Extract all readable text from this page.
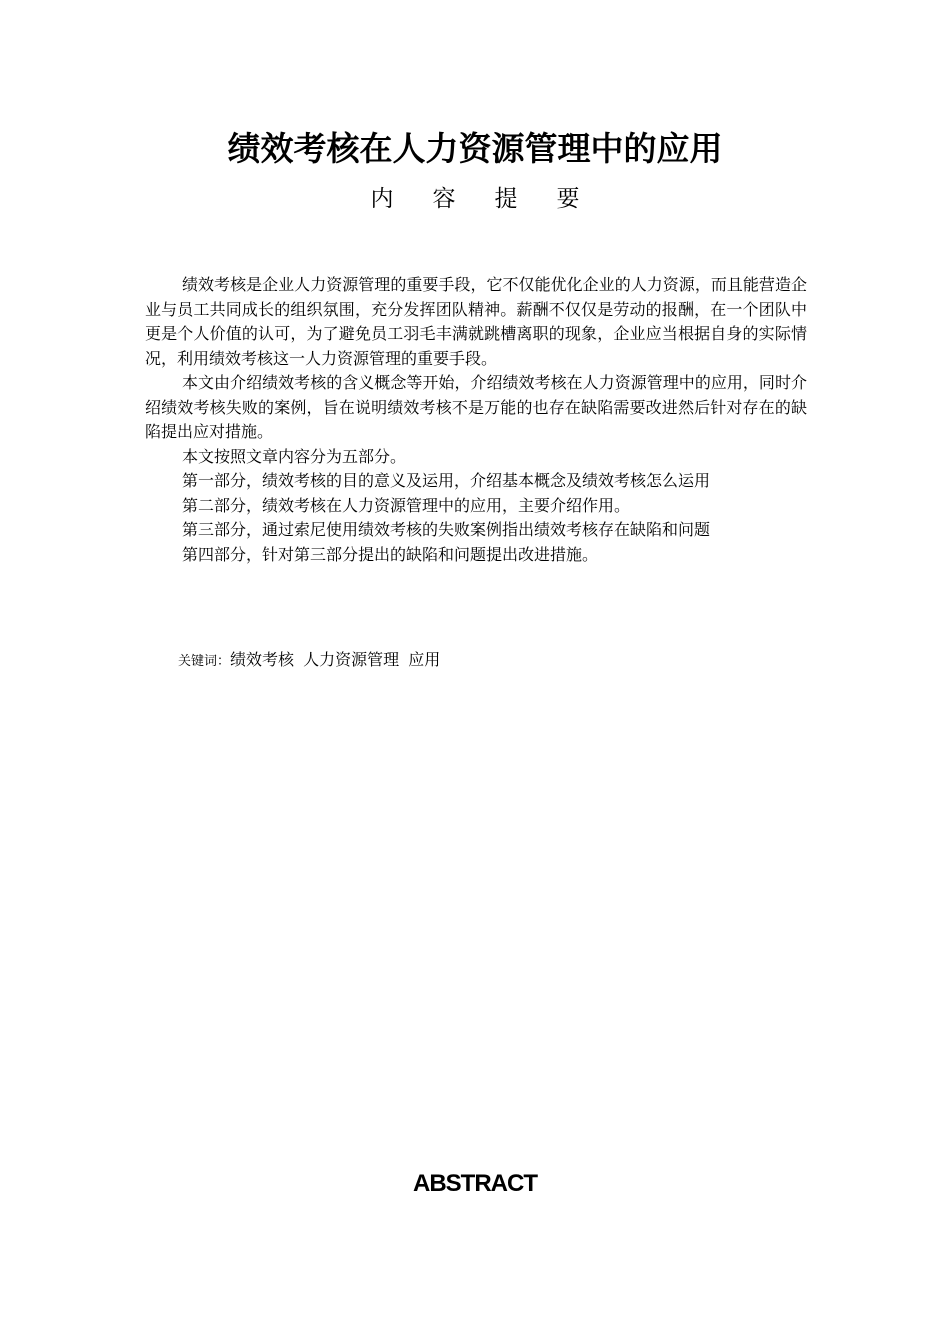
绩效考核在人力资源管理中的应用
内容提要

绩效考核是企业人力资源管理的重要手段，它不仅能优化企业的人力资源，而且能营造企业与员工共同成长的组织氛围，充分发挥团队精神。薪酬不仅仅是劳动的报酬，在一个团队中更是个人价值的认可，为了避免员工羽毛丰满就跳槽离职的现象，企业应当根据自身的实际情况，利用绩效考核这一人力资源管理的重要手段。

本文由介绍绩效考核的含义概念等开始，介绍绩效考核在人力资源管理中的应用，同时介绍绩效考核失败的案例，旨在说明绩效考核不是万能的也存在缺陷需要改进然后针对存在的缺陷提出应对措施。

本文按照文章内容分为五部分。

第一部分，绩效考核的目的意义及运用，介绍基本概念及绩效考核怎么运用

第二部分，绩效考核在人力资源管理中的应用，主要介绍作用。

第三部分，通过索尼使用绩效考核的失败案例指出绩效考核存在缺陷和问题

第四部分，针对第三部分提出的缺陷和问题提出改进措施。

关键词：绩效考核 人力资源管理 应用
ABSTRACT
